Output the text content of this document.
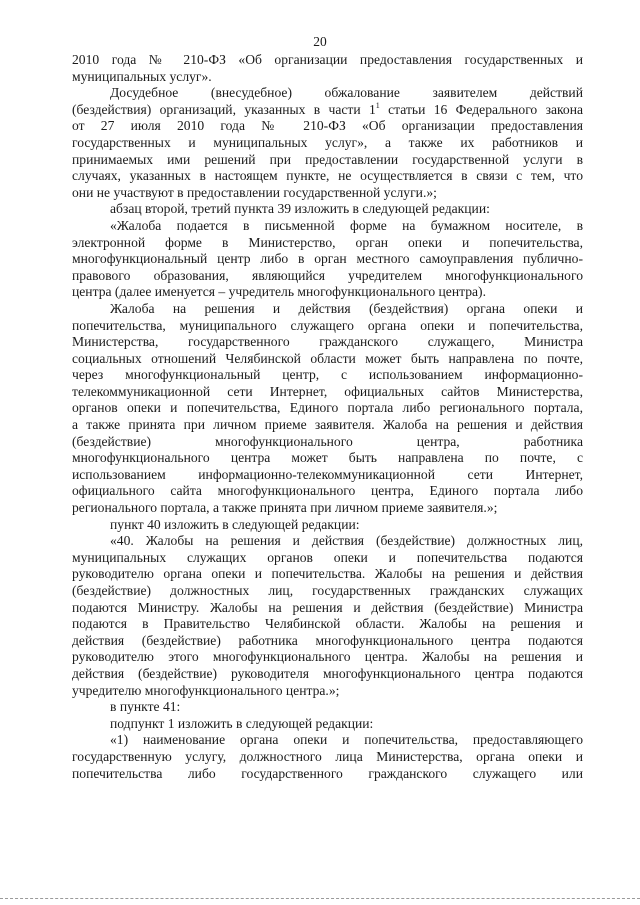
20
2010 года № 210-ФЗ «Об организации предоставления государственных и
муниципальных услуг».
Досудебное (внесудебное) обжалование заявителем действий
(бездействия) организаций, указанных в части $1^1$ статьи 16 Федерального закона
от 27 июля 2010 года № 210-ФЗ «Об организации предоставления
государственных и муниципальных услуг», а также их работников и
принимаемых ими решений при предоставлении государственной услуги в
случаях, указанных в настоящем пункте, не осуществляется в связи с тем, что
они не участвуют в предоставлении государственной услуги.»;
абзац второй, третий пункта 39 изложить в следующей редакции:
«Жалоба подается в письменной форме на бумажном носителе, в
электронной форме в Министерство, орган опеки и попечительства,
многофункциональный центр либо в орган местного самоуправления публично-
правового образования, являющийся учредителем многофункционального
центра (далее именуется – учредитель многофункционального центра).
Жалоба на решения и действия (бездействия) органа опеки и
попечительства, муниципального служащего органа опеки и попечительства,
Министерства, государственного гражданского служащего, Министра
социальных отношений Челябинской области может быть направлена по почте,
через многофункциональный центр, с использованием информационно-
телекоммуникационной сети Интернет, официальных сайтов Министерства,
органов опеки и попечительства, Единого портала либо регионального портала,
а также принята при личном приеме заявителя. Жалоба на решения и действия
(бездействие) многофункционального центра, работника
многофункционального центра может быть направлена по почте, с
использованием информационно-телекоммуникационной сети Интернет,
официального сайта многофункционального центра, Единого портала либо
регионального портала, а также принята при личном приеме заявителя.»;
пункт 40 изложить в следующей редакции:
«40. Жалобы на решения и действия (бездействие) должностных лиц,
муниципальных служащих органов опеки и попечительства подаются
руководителю органа опеки и попечительства. Жалобы на решения и действия
(бездействие) должностных лиц, государственных гражданских служащих
подаются Министру. Жалобы на решения и действия (бездействие) Министра
подаются в Правительство Челябинской области. Жалобы на решения и
действия (бездействие) работника многофункционального центра подаются
руководителю этого многофункционального центра. Жалобы на решения и
действия (бездействие) руководителя многофункционального центра подаются
учредителю многофункционального центра.»;
в пункте 41:
подпункт 1 изложить в следующей редакции:
«1) наименование органа опеки и попечительства, предоставляющего
государственную услугу, должностного лица Министерства, органа опеки и
попечительства либо государственного гражданского служащего или
